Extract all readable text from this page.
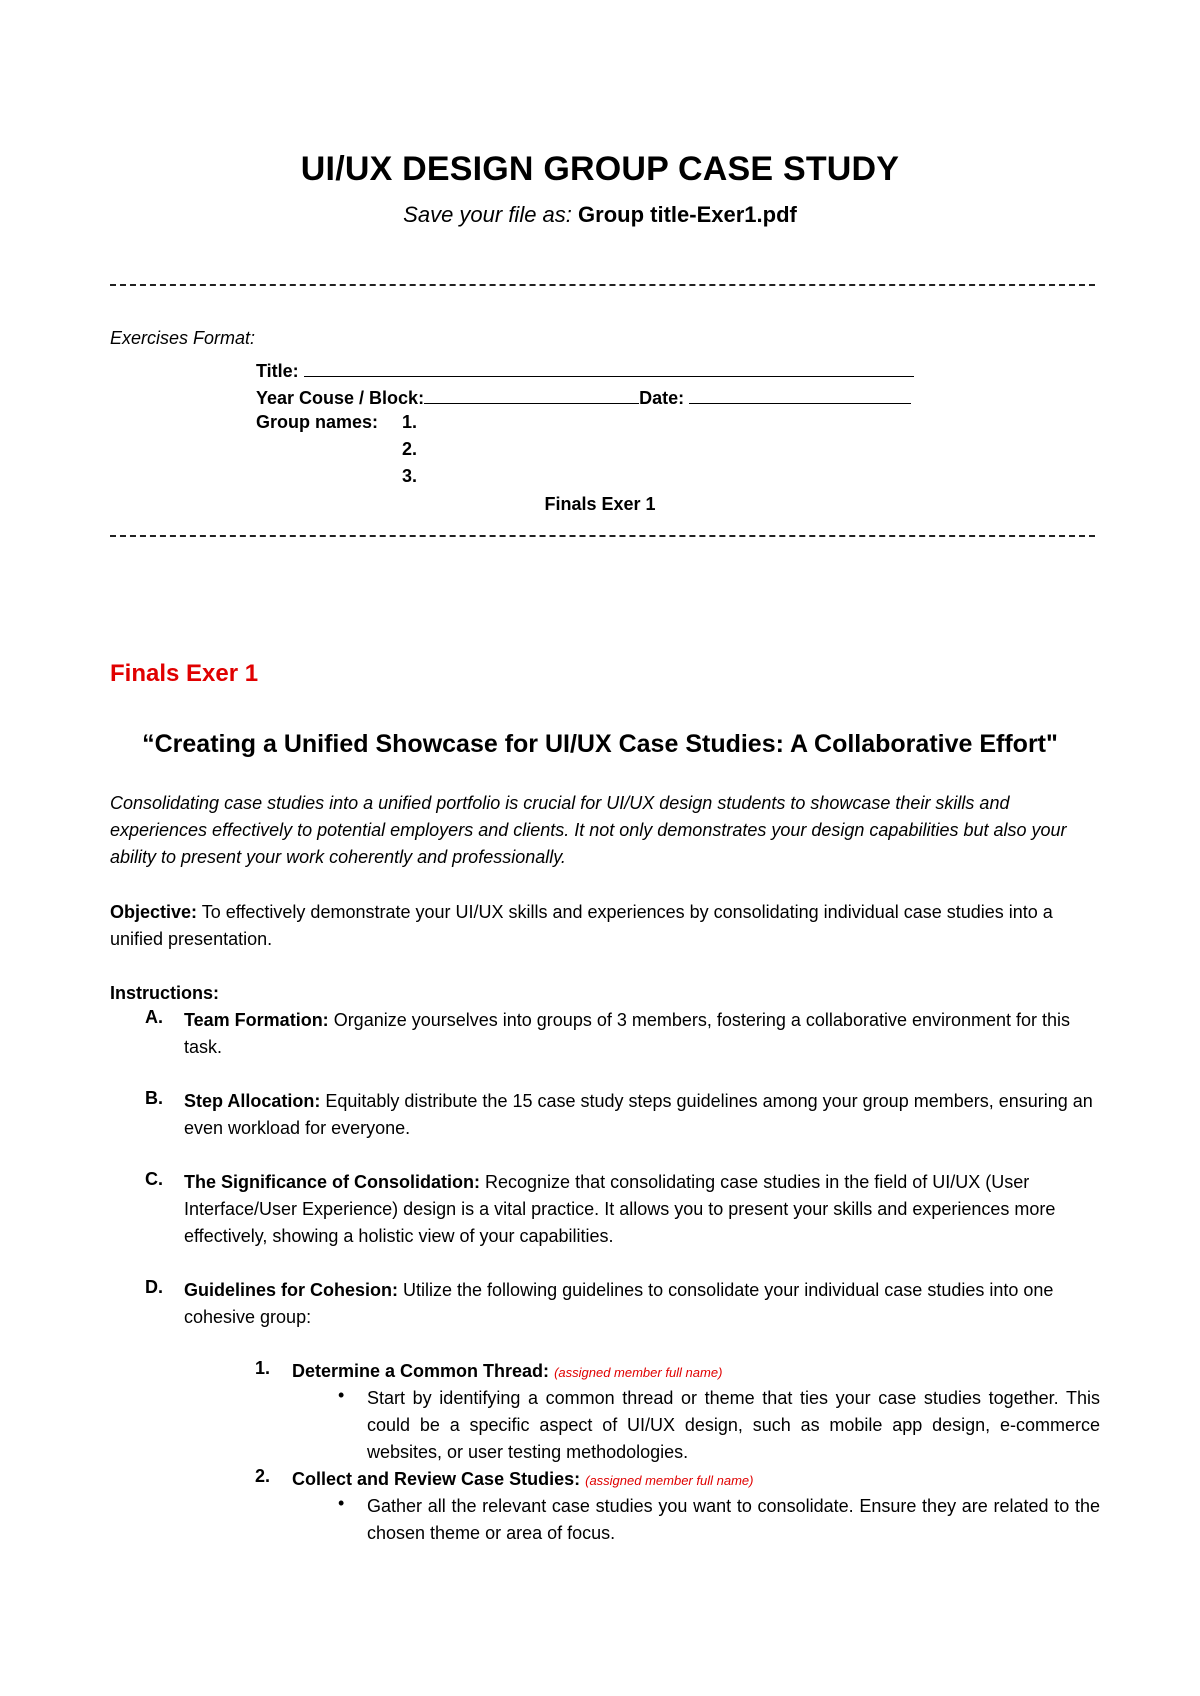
UI/UX DESIGN GROUP CASE STUDY
Save your file as: Group title-Exer1.pdf
Exercises Format:
Title:
Year Couse / Block:	Date:
Group names: 1.
2.
3.
Finals Exer 1
Finals Exer 1
“Creating a Unified Showcase for UI/UX Case Studies: A Collaborative Effort"
Consolidating case studies into a unified portfolio is crucial for UI/UX design students to showcase their skills and experiences effectively to potential employers and clients. It not only demonstrates your design capabilities but also your ability to present your work coherently and professionally.
Objective: To effectively demonstrate your UI/UX skills and experiences by consolidating individual case studies into a unified presentation.
Instructions:
A. Team Formation: Organize yourselves into groups of 3 members, fostering a collaborative environment for this task.
B. Step Allocation: Equitably distribute the 15 case study steps guidelines among your group members, ensuring an even workload for everyone.
C. The Significance of Consolidation: Recognize that consolidating case studies in the field of UI/UX (User Interface/User Experience) design is a vital practice. It allows you to present your skills and experiences more effectively, showing a holistic view of your capabilities.
D. Guidelines for Cohesion: Utilize the following guidelines to consolidate your individual case studies into one cohesive group:
1. Determine a Common Thread: (assigned member full name)
• Start by identifying a common thread or theme that ties your case studies together. This could be a specific aspect of UI/UX design, such as mobile app design, e-commerce websites, or user testing methodologies.
2. Collect and Review Case Studies: (assigned member full name)
• Gather all the relevant case studies you want to consolidate. Ensure they are related to the chosen theme or area of focus.
